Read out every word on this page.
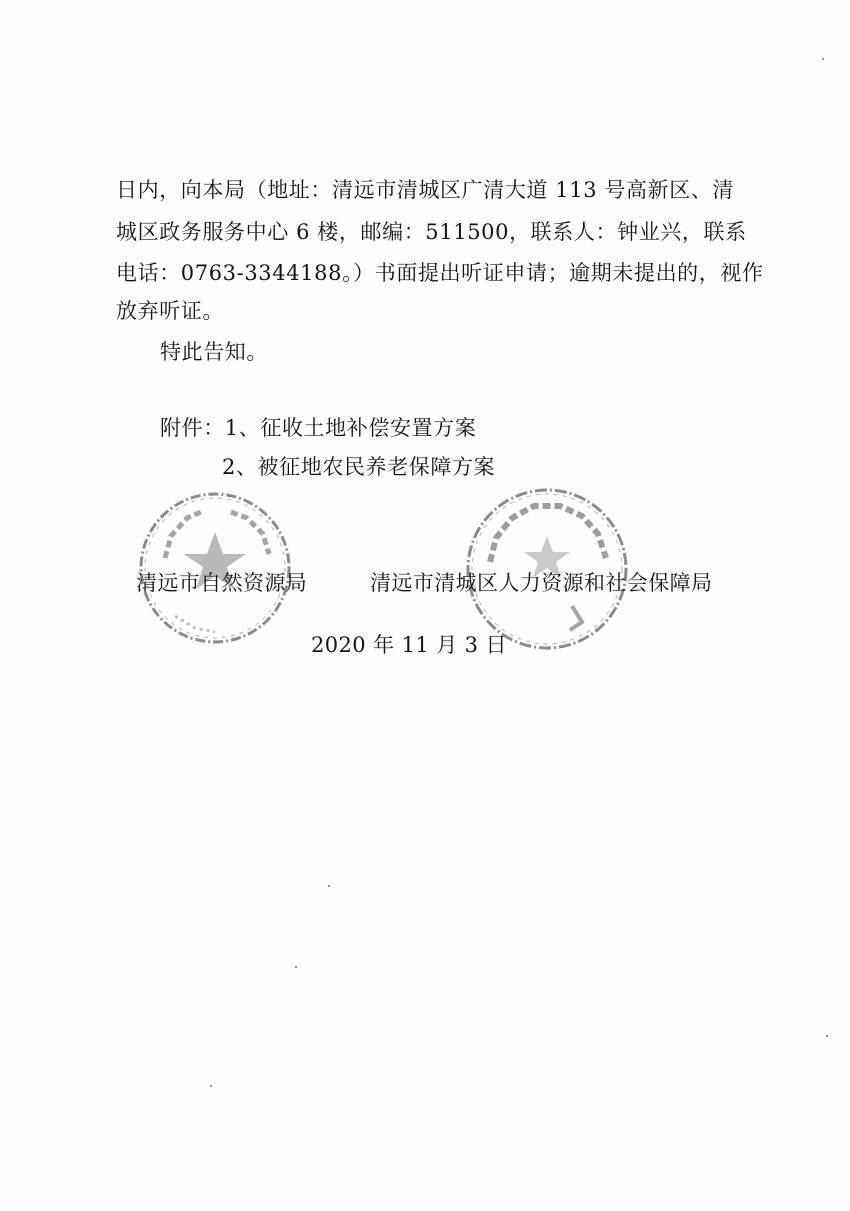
日内，向本局（地址：清远市清城区广清大道 113 号高新区、清
城区政务服务中心 6 楼，邮编：511500，联系人：钟业兴，联系
电话：0763-3344188。）书面提出听证申请；逾期未提出的，视作
放弃听证。
特此告知。
附件：1、征收土地补偿安置方案
2、被征地农民养老保障方案
清远市自然资源局	清远市清城区人力资源和社会保障局
2020 年 11 月 3 日
